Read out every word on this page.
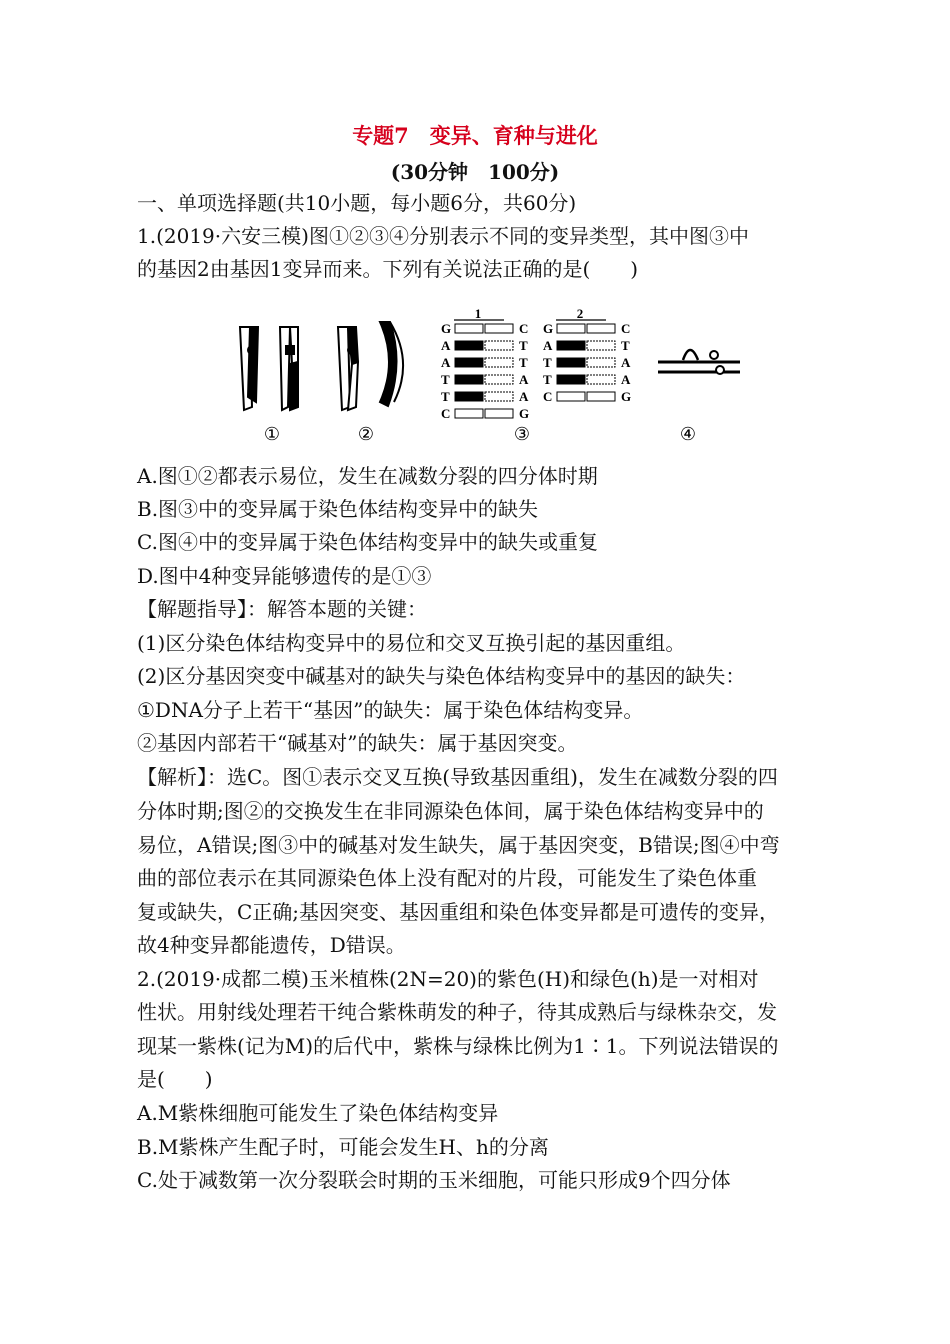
专题7　变异、育种与进化
(30分钟　100分)
一、单项选择题(共10小题，每小题6分，共60分)
1.(2019·六安三模)图①②③④分别表示不同的变异类型，其中图③中
的基因2由基因1变异而来。下列有关说法正确的是(　　)
1
G	C
A	T
A	T
T	A
T	A
C	G
2
G	C
A	T
T	A
T	A
C	G
①	②	③	④
A.图①②都表示易位，发生在减数分裂的四分体时期
B.图③中的变异属于染色体结构变异中的缺失
C.图④中的变异属于染色体结构变异中的缺失或重复
D.图中4种变异能够遗传的是①③
【解题指导】：解答本题的关键：
(1)区分染色体结构变异中的易位和交叉互换引起的基因重组。
(2)区分基因突变中碱基对的缺失与染色体结构变异中的基因的缺失：
①DNA分子上若干“基因”的缺失：属于染色体结构变异。
②基因内部若干“碱基对”的缺失：属于基因突变。
【解析】：选C。图①表示交叉互换(导致基因重组)，发生在减数分裂的四
分体时期;图②的交换发生在非同源染色体间，属于染色体结构变异中的
易位，A错误;图③中的碱基对发生缺失，属于基因突变，B错误;图④中弯
曲的部位表示在其同源染色体上没有配对的片段，可能发生了染色体重
复或缺失，C正确;基因突变、基因重组和染色体变异都是可遗传的变异，
故4种变异都能遗传，D错误。
2.(2019·成都二模)玉米植株(2N=20)的紫色(H)和绿色(h)是一对相对
性状。用射线处理若干纯合紫株萌发的种子，待其成熟后与绿株杂交，发
现某一紫株(记为M)的后代中，紫株与绿株比例为1∶1。下列说法错误的
是(　　)
A.M紫株细胞可能发生了染色体结构变异
B.M紫株产生配子时，可能会发生H、h的分离
C.处于减数第一次分裂联会时期的玉米细胞，可能只形成9个四分体
